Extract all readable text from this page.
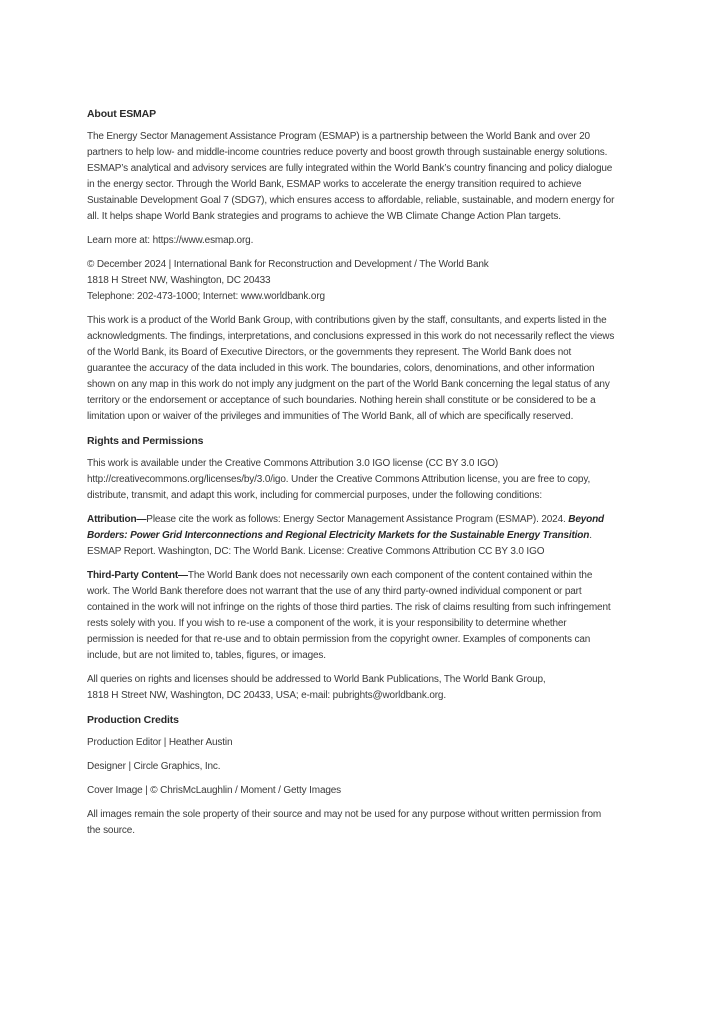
About ESMAP

The Energy Sector Management Assistance Program (ESMAP) is a partnership between the World Bank and over 20 partners to help low- and middle-income countries reduce poverty and boost growth through sustainable energy solutions. ESMAP’s analytical and advisory services are fully integrated within the World Bank’s country financing and policy dialogue in the energy sector. Through the World Bank, ESMAP works to accelerate the energy transition required to achieve Sustainable Development Goal 7 (SDG7), which ensures access to affordable, reliable, sustainable, and modern energy for all. It helps shape World Bank strategies and programs to achieve the WB Climate Change Action Plan targets.

Learn more at: https://www.esmap.org.

© December 2024 | International Bank for Reconstruction and Development / The World Bank
1818 H Street NW, Washington, DC 20433
Telephone: 202-473-1000; Internet: www.worldbank.org

This work is a product of the World Bank Group, with contributions given by the staff, consultants, and experts listed in the acknowledgments. The findings, interpretations, and conclusions expressed in this work do not necessarily reflect the views of the World Bank, its Board of Executive Directors, or the governments they represent. The World Bank does not guarantee the accuracy of the data included in this work. The boundaries, colors, denominations, and other information shown on any map in this work do not imply any judgment on the part of the World Bank concerning the legal status of any territory or the endorsement or acceptance of such boundaries. Nothing herein shall constitute or be considered to be a limitation upon or waiver of the privileges and immunities of The World Bank, all of which are specifically reserved.

Rights and Permissions

This work is available under the Creative Commons Attribution 3.0 IGO license (CC BY 3.0 IGO) http://creativecommons.org/licenses/by/3.0/igo. Under the Creative Commons Attribution license, you are free to copy, distribute, transmit, and adapt this work, including for commercial purposes, under the following conditions:

Attribution—Please cite the work as follows: Energy Sector Management Assistance Program (ESMAP). 2024. Beyond Borders: Power Grid Interconnections and Regional Electricity Markets for the Sustainable Energy Transition. ESMAP Report. Washington, DC: The World Bank. License: Creative Commons Attribution CC BY 3.0 IGO

Third-Party Content—The World Bank does not necessarily own each component of the content contained within the work. The World Bank therefore does not warrant that the use of any third party-owned individual component or part contained in the work will not infringe on the rights of those third parties. The risk of claims resulting from such infringement rests solely with you. If you wish to re-use a component of the work, it is your responsibility to determine whether permission is needed for that re-use and to obtain permission from the copyright owner. Examples of components can include, but are not limited to, tables, figures, or images.

All queries on rights and licenses should be addressed to World Bank Publications, The World Bank Group,
1818 H Street NW, Washington, DC 20433, USA; e-mail: pubrights@worldbank.org.

Production Credits

Production Editor | Heather Austin

Designer | Circle Graphics, Inc.

Cover Image | © ChrisMcLaughlin / Moment / Getty Images

All images remain the sole property of their source and may not be used for any purpose without written permission from the source.
